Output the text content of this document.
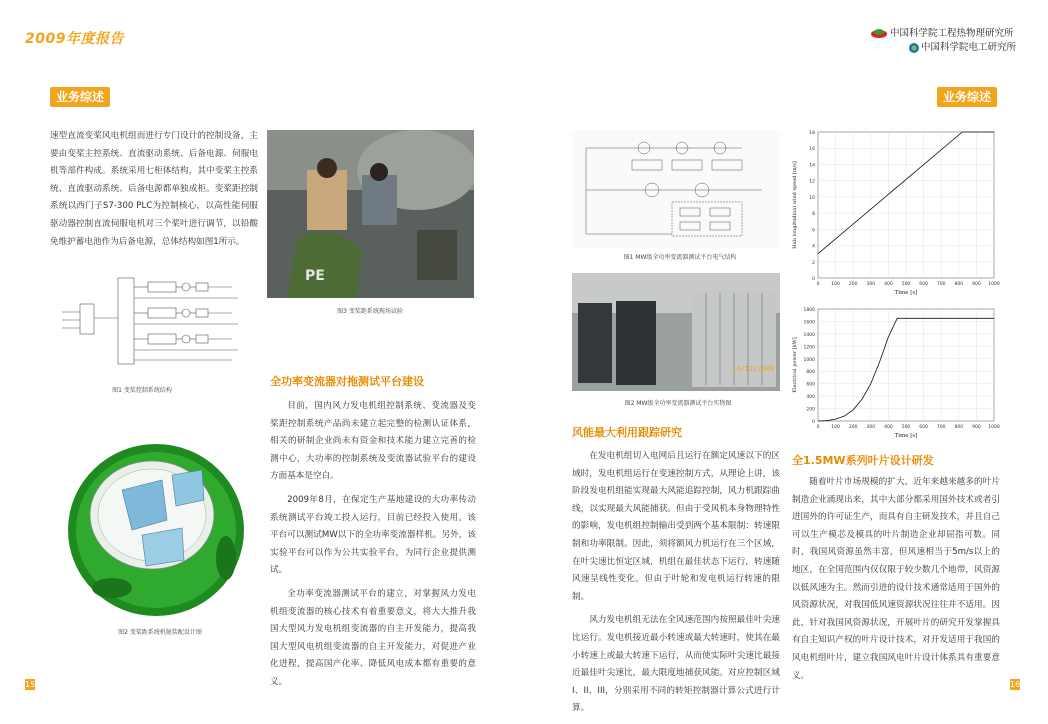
2009年度报告	中国科学院工程热物理研究所
中国科学院电工研究所
业务综述	业务综述

速型直流变桨风电机组而进行专门设计的控制设备，主要由变桨主控系统、直流驱动系统、后备电源、伺服电机等部件构成。系统采用七柜体结构，其中变桨主控系统、直流驱动系统、后备电源都单独成柜。变桨距控制系统以西门子S7-300 PLC为控制核心，以高性能伺服驱动器控制直流伺服电机对三个桨叶进行调节，以铅酸免维护蓄电池作为后备电源，总体结构如图1所示。

图1 变桨控制系统结构
图2 变桨距系统机舱装配设计图
PE
图3 变桨距系统现场试验
全功率变流器对拖测试平台建设

目前，国内风力发电机组控制系统、变流器及变桨距控制系统产品尚未建立起完整的检测认证体系，相关的研制企业尚未有资金和技术能力建立完善的检测中心，大功率的控制系统及变流器试验平台的建设方面基本是空白。

2009年8月，在保定生产基地建设的大功率传动系统测试平台竣工投入运行，目前已经投入使用。该平台可以测试MW以下的全功率变流器样机。另外，该实验平台可以作为公共实验平台，为同行企业提供测试。

全功率变流器测试平台的建立，对掌握风力发电机组变流器的核心技术有着重要意义，将大大推升我国大型风力发电机组变流器的自主开发能力，提高我国大型风电机组变流器的自主开发能力，对促进产业化进程，提高国产化率、降低风电成本都有重要的意义。

15
图1 MW级全功率变流器测试平台电气结构
14/12/2009
图2 MW级全功率变流器测试平台实物图
风能最大利用跟踪研究

在发电机组切入电网后且运行在额定风速以下的区域时，发电机组运行在变速控制方式，从理论上讲，该阶段发电机组能实现最大风能追踪控制，风力机跟踪曲线，以实现最大风能捕获。但由于受风机本身物理特性的影响，发电机组控制输出受到两个基本限制：转速限制和功率限制。因此，须将额风力机运行在三个区域，在叶尖速比恒定区域，机组在最佳状态下运行，转速随风速呈线性变化，但由于叶轮和发电机运行转速的限制。

风力发电机组无法在全风速范围内按照最佳叶尖速比运行。发电机接近最小转速或最大转速时，使其在最小转速上或最大转速下运行，从而使实际叶尖速比最接近最佳叶尖速比，最大限度地捕获风能。对应控制区域I、II、III，分别采用不同的转矩控制器计算公式进行计算。

0
2
4
6
8
10
12
14
16
18
0	100 200 300 400 500 600 700 800 900 1000
Time [s]
Hub longitudinal wind speed [m/s]
0
200
400
600
800
1000
1200
1400
1600
1800
0	100 200 300 400 500 600 700 800 900 1000
Time [s]
Electrical power [kW]
全1.5MW系列叶片设计研发

随着叶片市场规模的扩大，近年来越来越多的叶片制造企业涌现出来，其中大部分都采用国外技术或者引进国外的许可证生产，而具有自主研发技术，并且自己可以生产模芯及模具的叶片制造企业却屈指可数。同时，我国风资源虽然丰富，但风速相当于5m/s以上的地区，在全国范围内仅仅限于较少数几个地带，风资源以低风速为主。然而引进的设计技术通常适用于国外的风资源状况，对我国低风速资源状况往往并不适用。因此，针对我国风资源状况，开展叶片的研究开发掌握具有自主知识产权的叶片设计技术，对开发适用于我国的风电机组叶片，建立我国风电叶片设计体系具有重要意义。

16
